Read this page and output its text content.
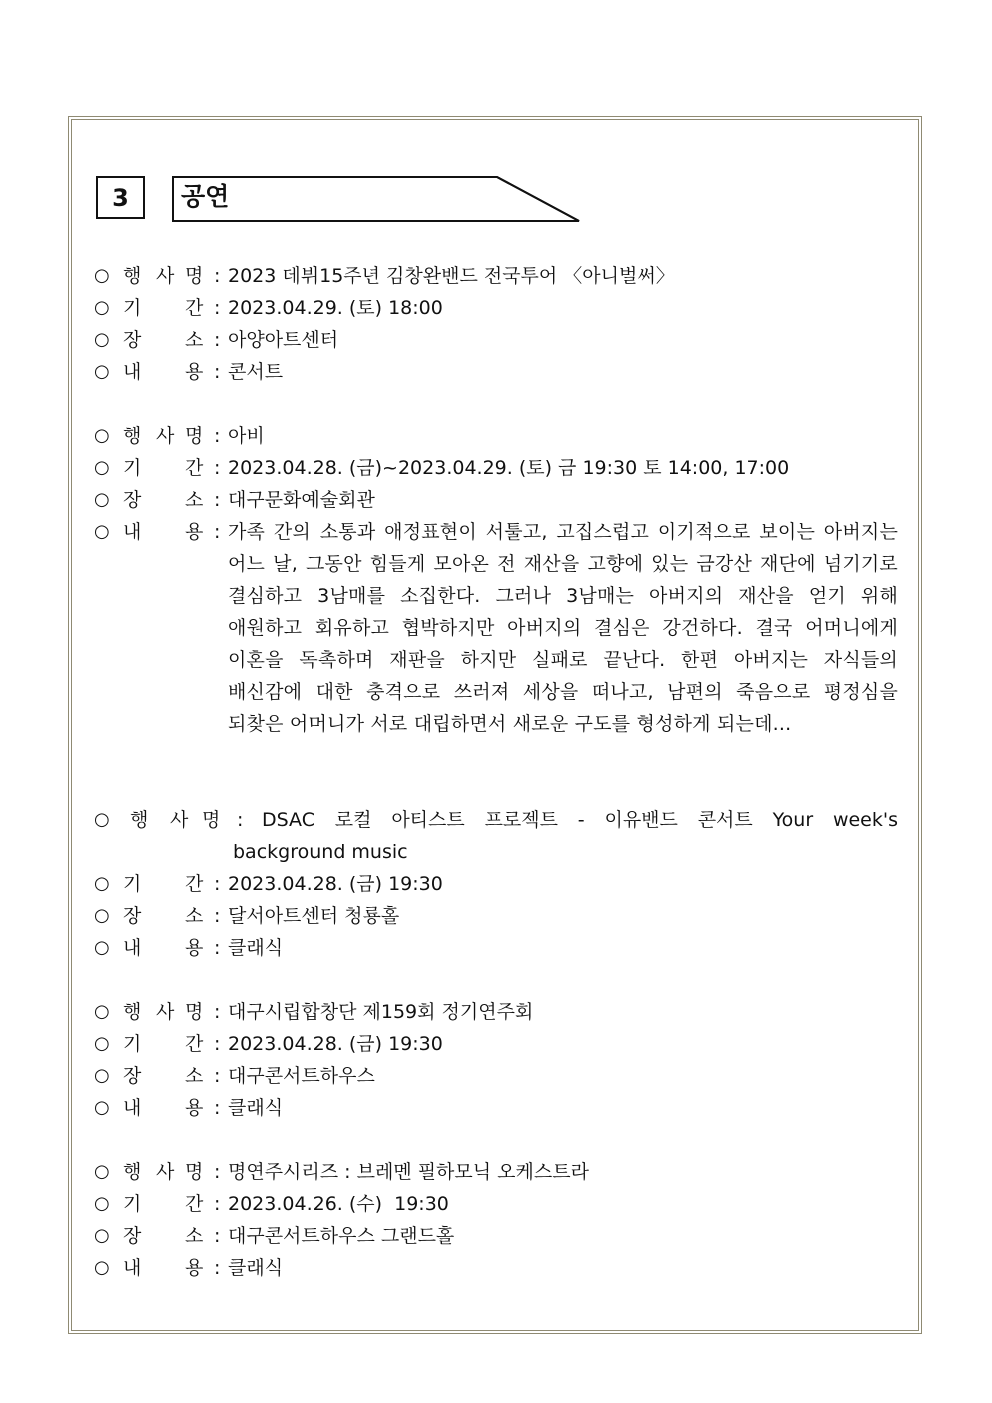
3	공연
○ 행 사 명 : 2023 데뷔15주년 김창완밴드 전국투어 〈아니벌써〉
○ 기 간 : 2023.04.29. (토) 18:00
○ 장 소 : 아양아트센터
○ 내 용 : 콘서트
○ 행 사 명 : 아비
○ 기 간 : 2023.04.28. (금)~2023.04.29. (토) 금 19:30 토 14:00, 17:00
○ 장 소 : 대구문화예술회관
○ 내 용 : 가족 간의 소통과 애정표현이 서툴고, 고집스럽고 이기적으로 보이는 아버지는 어느 날, 그동안 힘들게 모아온 전 재산을 고향에 있는 금강산 재단에 넘기기로 결심하고 3남매를 소집한다. 그러나 3남매는 아버지의 재산을 얻기 위해 애원하고 회유하고 협박하지만 아버지의 결심은 강건하다. 결국 어머니에게 이혼을 독촉하며 재판을 하지만 실패로 끝난다. 한편 아버지는 자식들의 배신감에 대한 충격으로 쓰러져 세상을 떠나고, 남편의 죽음으로 평정심을 되찾은 어머니가 서로 대립하면서 새로운 구도를 형성하게 되는데...
○ 행 사 명 : DSAC 로컬 아티스트 프로젝트 - 이유밴드 콘서트 Your week's
background music
○ 기 간 : 2023.04.28. (금) 19:30
○ 장 소 : 달서아트센터 청룡홀
○ 내 용 : 클래식
○ 행 사 명 : 대구시립합창단 제159회 정기연주회
○ 기 간 : 2023.04.28. (금) 19:30
○ 장 소 : 대구콘서트하우스
○ 내 용 : 클래식
○ 행 사 명 : 명연주시리즈 : 브레멘 필하모닉 오케스트라
○ 기 간 : 2023.04.26. (수)  19:30
○ 장 소 : 대구콘서트하우스 그랜드홀
○ 내 용 : 클래식
